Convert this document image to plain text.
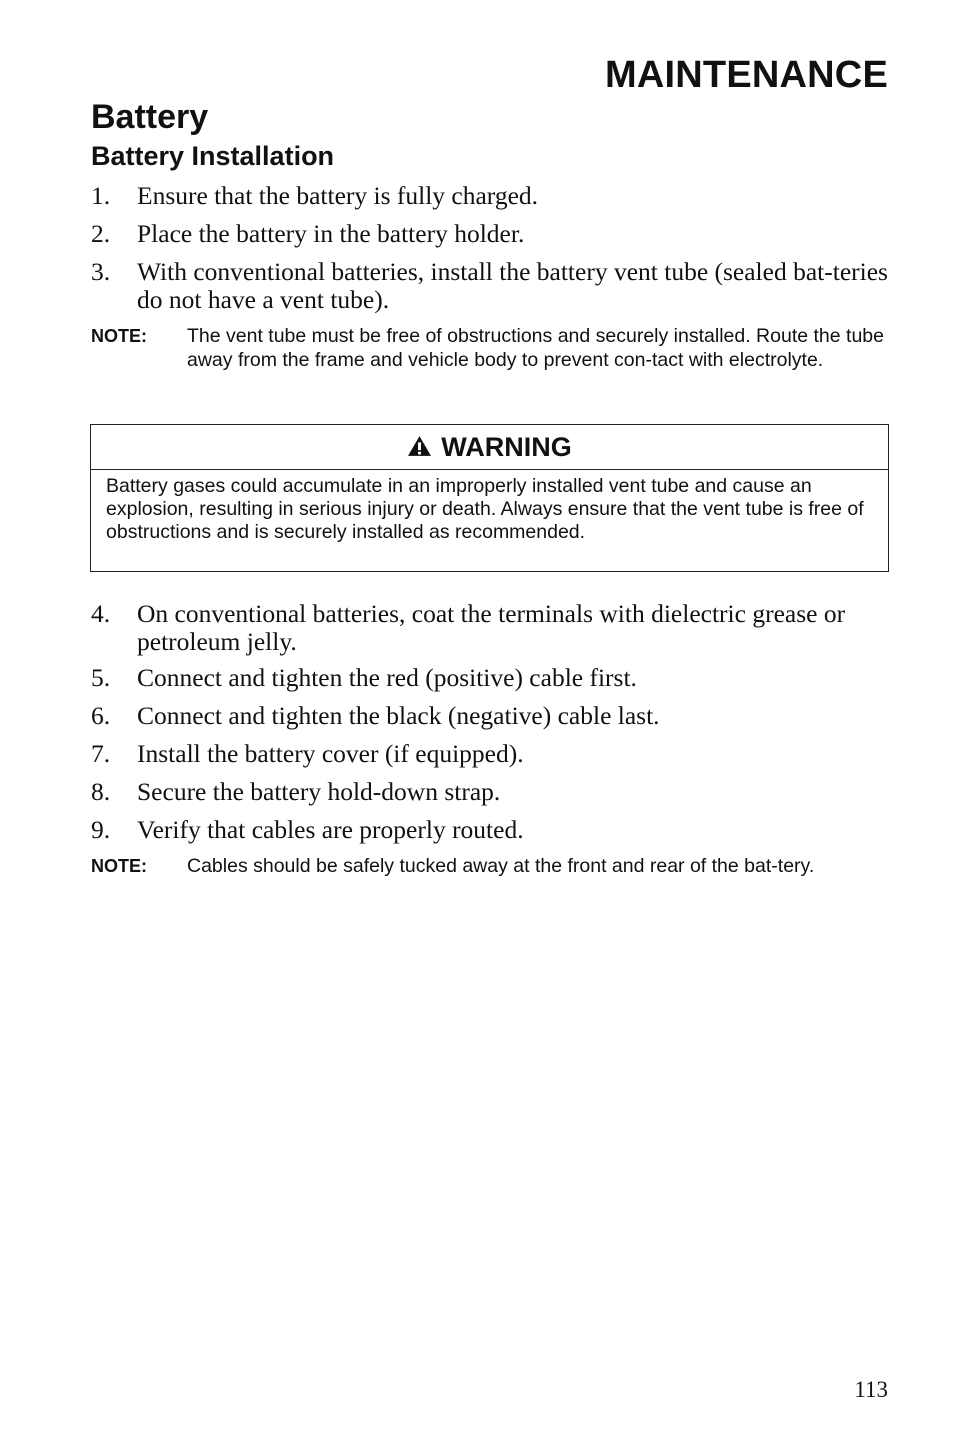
MAINTENANCE
Battery
Battery Installation
1. Ensure that the battery is fully charged.
2. Place the battery in the battery holder.
3. With conventional batteries, install the battery vent tube (sealed bat-teries do not have a vent tube).
NOTE: The vent tube must be free of obstructions and securely installed. Route the tube away from the frame and vehicle body to prevent con-tact with electrolyte.
WARNING
Battery gases could accumulate in an improperly installed vent tube and cause an explosion, resulting in serious injury or death. Always ensure that the vent tube is free of obstructions and is securely installed as recommended.
4. On conventional batteries, coat the terminals with dielectric grease or petroleum jelly.
5. Connect and tighten the red (positive) cable first.
6. Connect and tighten the black (negative) cable last.
7. Install the battery cover (if equipped).
8. Secure the battery hold-down strap.
9. Verify that cables are properly routed.
NOTE: Cables should be safely tucked away at the front and rear of the bat-tery.
113
